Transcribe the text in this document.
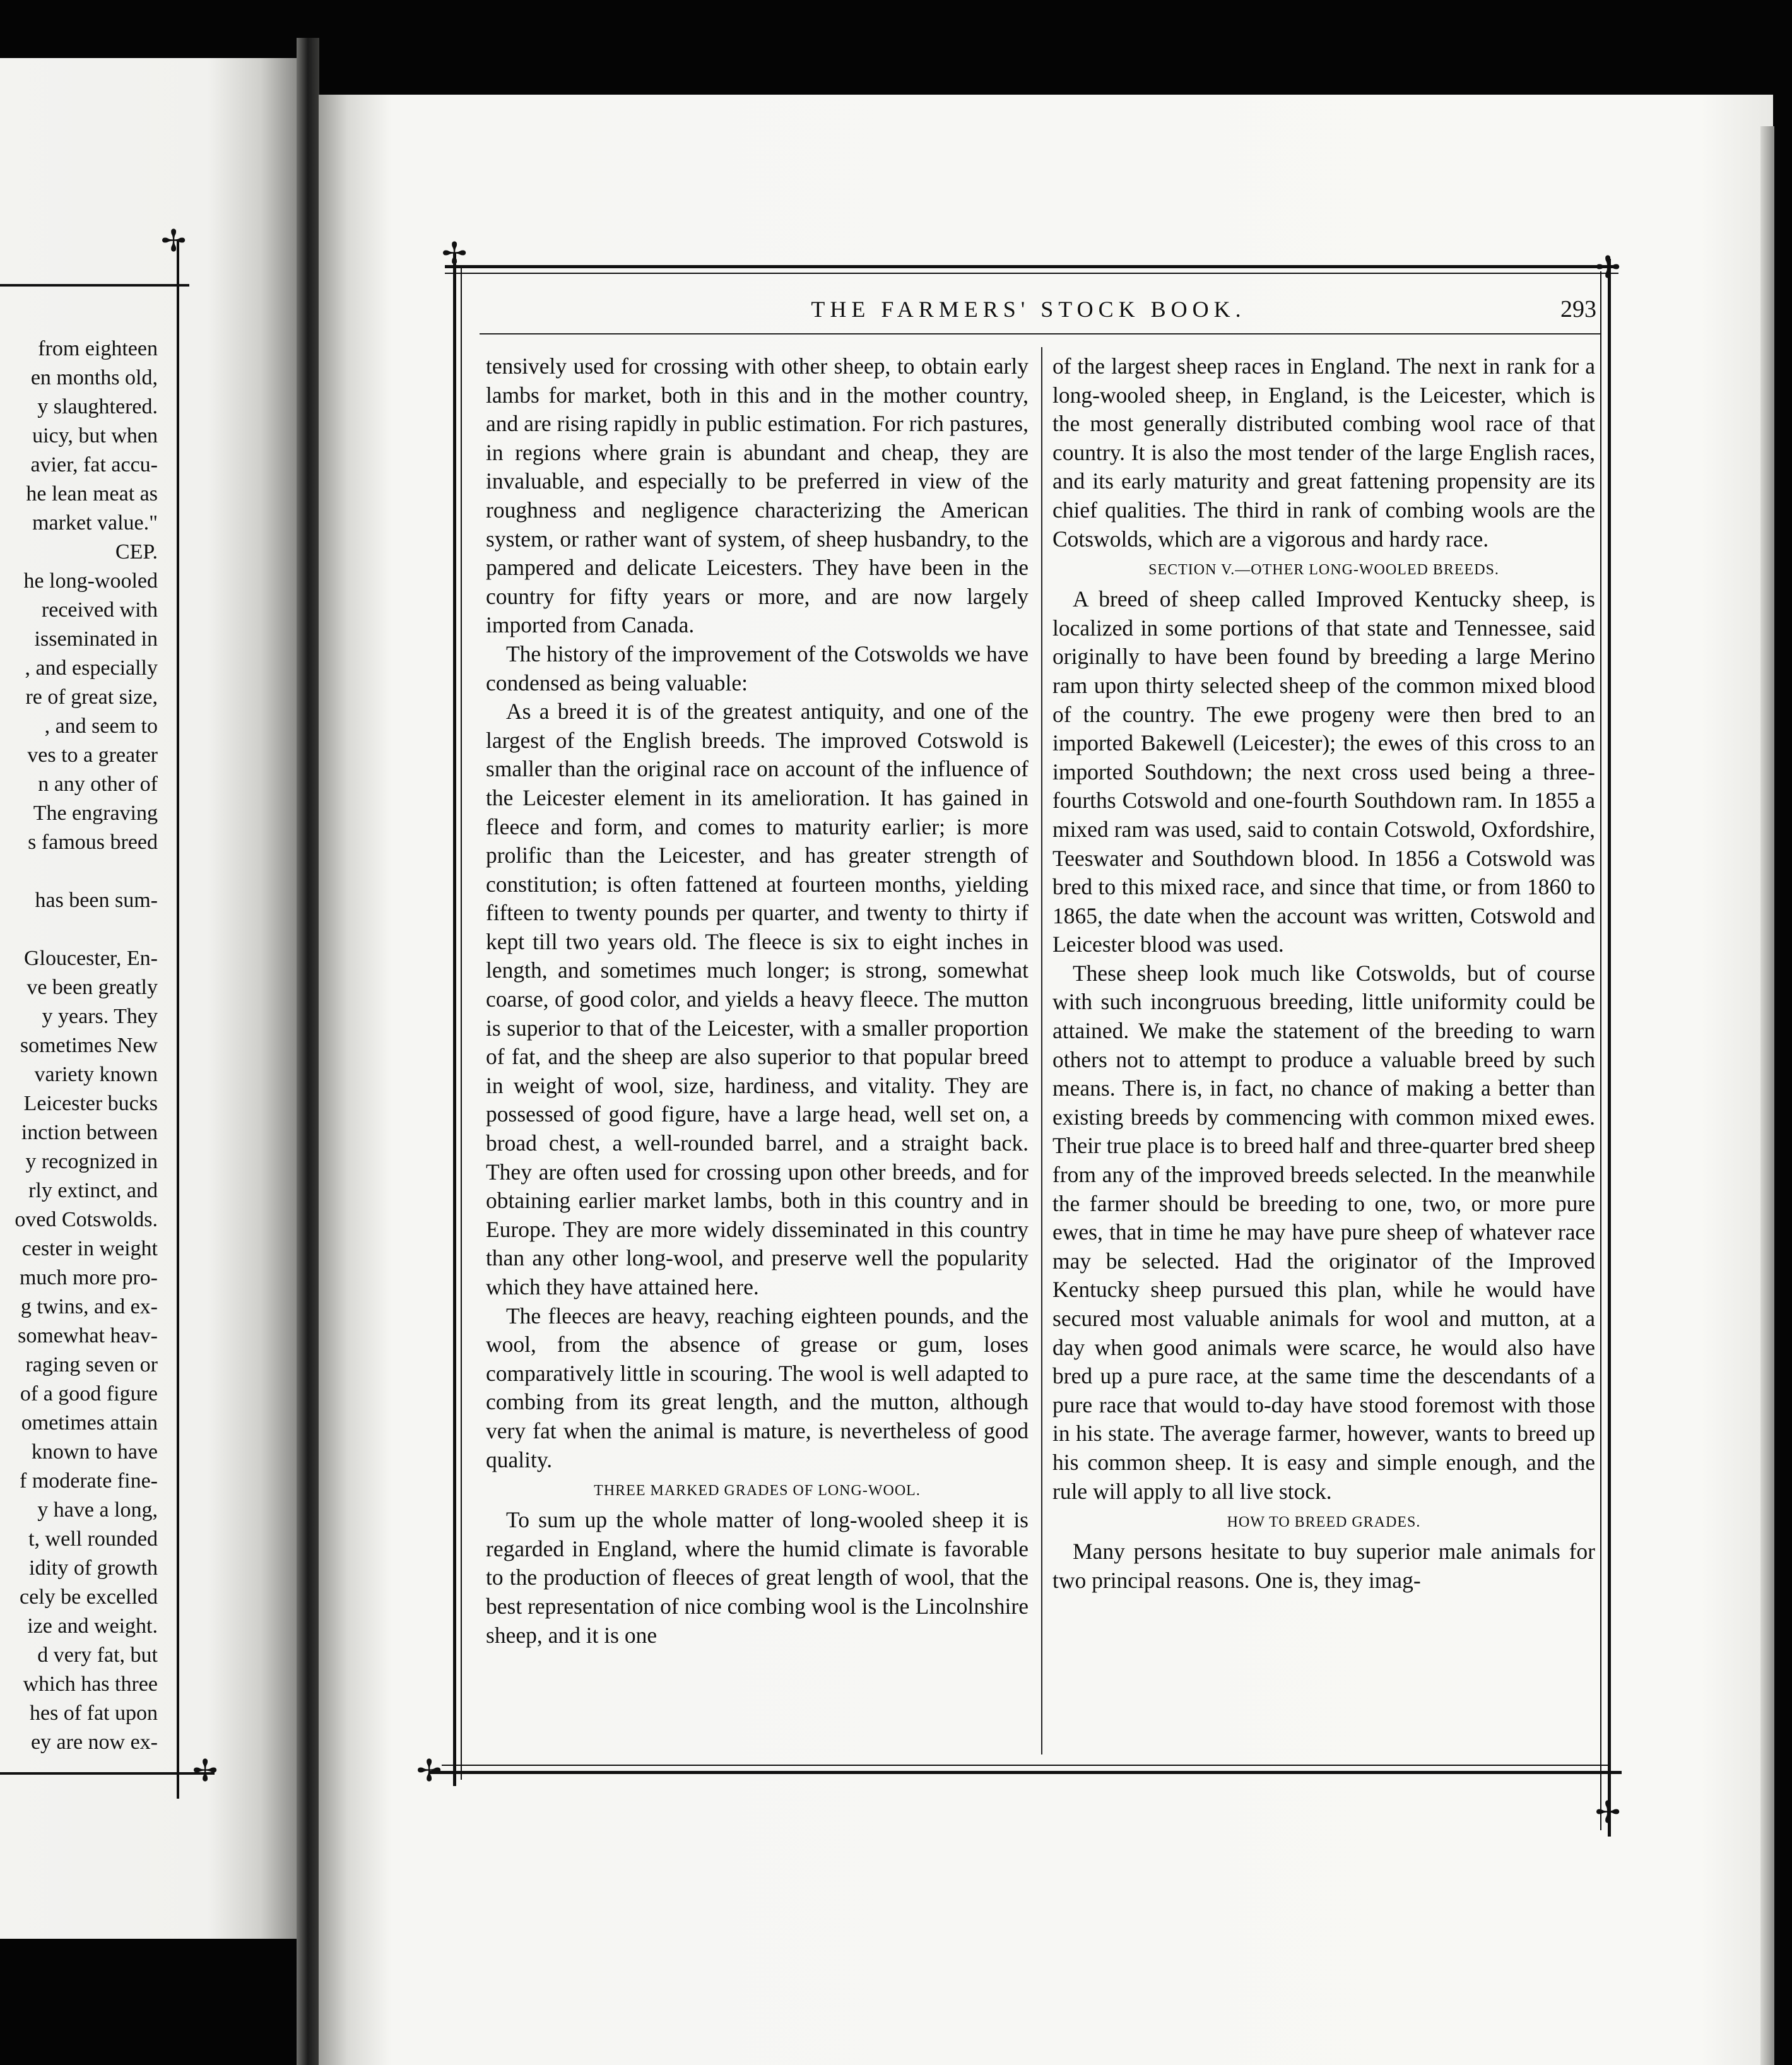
✢
✢
from eighteen
en months old,
y slaughtered.
uicy, but when
avier, fat accu-
he lean meat as
market value."
CEP.
he long-wooled
received with
isseminated in
, and especially
re of great size,
, and seem to
ves to a greater
n any other of
The engraving
s famous breed
has been sum-
Gloucester, En-
ve been greatly
y years. They
sometimes New
variety known
Leicester bucks
inction between
y recognized in
rly extinct, and
oved Cotswolds.
cester in weight
much more pro-
g twins, and ex-
somewhat heav-
raging seven or
of a good figure
ometimes attain
known to have
f moderate fine-
y have a long,
t, well rounded
idity of growth
cely be excelled
ize and weight.
d very fat, but
which has three
hes of fat upon
ey are now ex-
✢	✢
✢
✢
THE FARMERS' STOCK BOOK.	293

tensively used for crossing with other sheep, to obtain early lambs for market, both in this and in the mother country, and are rising rapidly in public estimation. For rich pastures, in regions where grain is abundant and cheap, they are invaluable, and especially to be preferred in view of the roughness and negligence characterizing the American system, or rather want of system, of sheep husbandry, to the pampered and delicate Leicesters. They have been in the country for fifty years or more, and are now largely imported from Canada.

The history of the improvement of the Cotswolds we have condensed as being valuable:

As a breed it is of the greatest antiquity, and one of the largest of the English breeds. The improved Cotswold is smaller than the original race on account of the influence of the Leicester element in its amelioration. It has gained in fleece and form, and comes to maturity earlier; is more prolific than the Leicester, and has greater strength of constitution; is often fattened at fourteen months, yielding fifteen to twenty pounds per quarter, and twenty to thirty if kept till two years old. The fleece is six to eight inches in length, and sometimes much longer; is strong, somewhat coarse, of good color, and yields a heavy fleece. The mutton is superior to that of the Leicester, with a smaller proportion of fat, and the sheep are also superior to that popular breed in weight of wool, size, hardiness, and vitality. They are possessed of good figure, have a large head, well set on, a broad chest, a well-rounded barrel, and a straight back. They are often used for crossing upon other breeds, and for obtaining earlier market lambs, both in this country and in Europe. They are more widely disseminated in this country than any other long-wool, and preserve well the popularity which they have attained here.

The fleeces are heavy, reaching eighteen pounds, and the wool, from the absence of grease or gum, loses comparatively little in scouring. The wool is well adapted to combing from its great length, and the mutton, although very fat when the animal is mature, is nevertheless of good quality.

THREE MARKED GRADES OF LONG-WOOL.

To sum up the whole matter of long-wooled sheep it is regarded in England, where the humid climate is favorable to the production of fleeces of great length of wool, that the best representation of nice combing wool is the Lincolnshire sheep, and it is one

of the largest sheep races in England. The next in rank for a long-wooled sheep, in England, is the Leicester, which is the most generally distributed combing wool race of that country. It is also the most tender of the large English races, and its early maturity and great fattening propensity are its chief qualities. The third in rank of combing wools are the Cotswolds, which are a vigorous and hardy race.

SECTION V.—OTHER LONG-WOOLED BREEDS.

A breed of sheep called Improved Kentucky sheep, is localized in some portions of that state and Tennessee, said originally to have been found by breeding a large Merino ram upon thirty selected sheep of the common mixed blood of the country. The ewe progeny were then bred to an imported Bakewell (Leicester); the ewes of this cross to an imported Southdown; the next cross used being a three-fourths Cotswold and one-fourth Southdown ram. In 1855 a mixed ram was used, said to contain Cotswold, Oxfordshire, Teeswater and Southdown blood. In 1856 a Cotswold was bred to this mixed race, and since that time, or from 1860 to 1865, the date when the account was written, Cotswold and Leicester blood was used.

These sheep look much like Cotswolds, but of course with such incongruous breeding, little uniformity could be attained. We make the statement of the breeding to warn others not to attempt to produce a valuable breed by such means. There is, in fact, no chance of making a better than existing breeds by commencing with common mixed ewes. Their true place is to breed half and three-quarter bred sheep from any of the improved breeds selected. In the meanwhile the farmer should be breeding to one, two, or more pure ewes, that in time he may have pure sheep of whatever race may be selected. Had the originator of the Improved Kentucky sheep pursued this plan, while he would have secured most valuable animals for wool and mutton, at a day when good animals were scarce, he would also have bred up a pure race, at the same time the descendants of a pure race that would to-day have stood foremost with those in his state. The average farmer, however, wants to breed up his common sheep. It is easy and simple enough, and the rule will apply to all live stock.

HOW TO BREED GRADES.

Many persons hesitate to buy superior male animals for two principal reasons. One is, they imag-
